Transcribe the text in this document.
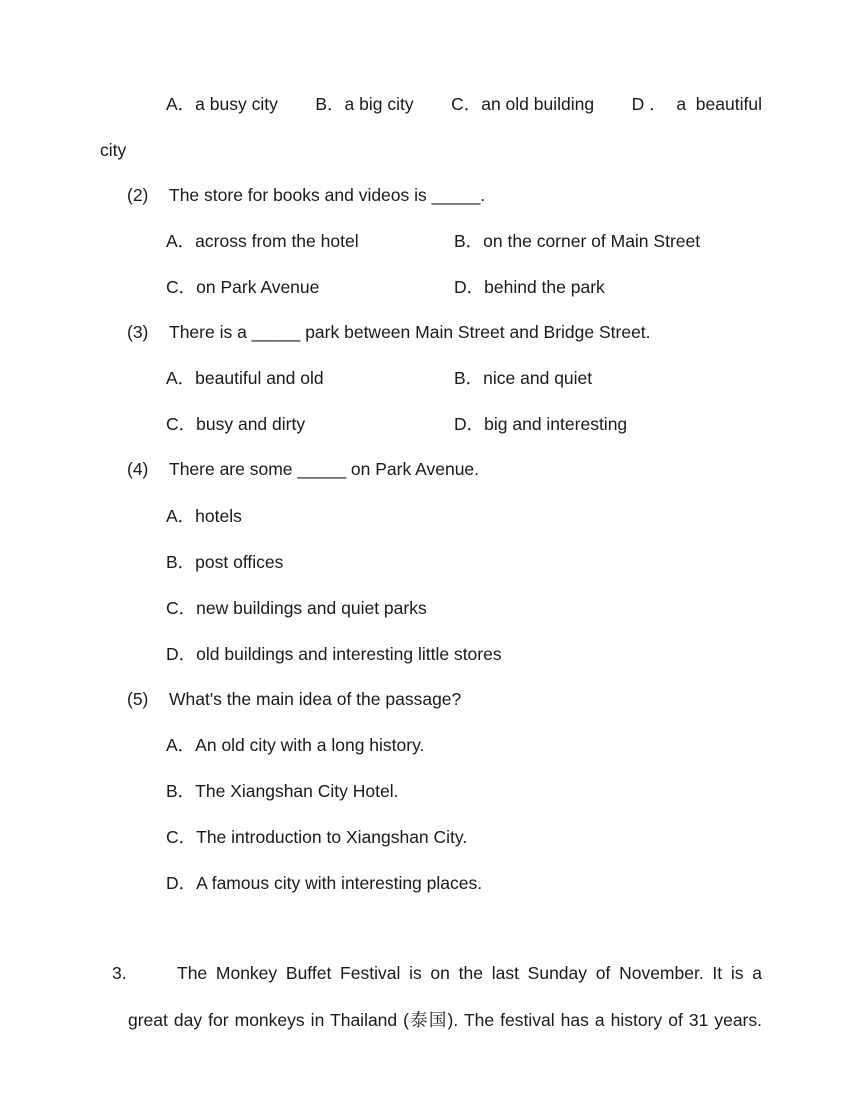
A．a busy city B．a big city C．an old building D ．  a  beautiful
city
(2) The store for books and videos is _____.
A．across from the hotel	B．on the corner of Main Street
C．on Park Avenue	D．behind the park
(3) There is a _____ park between Main Street and Bridge Street.
A．beautiful and old	B．nice and quiet
C．busy and dirty	D．big and interesting
(4) There are some _____ on Park Avenue.
A．hotels
B．post offices
C．new buildings and quiet parks
D．old buildings and interesting little stores
(5) What's the main idea of the passage?
A．An old city with a long history.
B．The Xiangshan City Hotel.
C．The introduction to Xiangshan City.
D．A famous city with interesting places.
3.	The Monkey Buffet Festival is on the last Sunday of November. It is a
great day for monkeys in Thailand (泰国). The festival has a history of 31 years.
